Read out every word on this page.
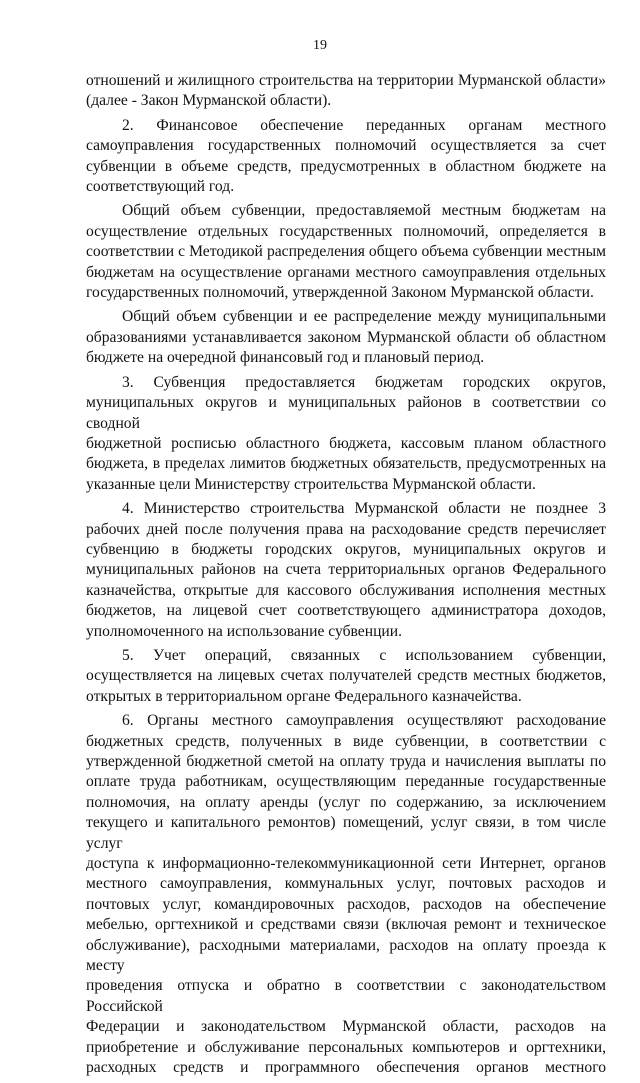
19
отношений и жилищного строительства на территории Мурманской области»
(далее - Закон Мурманской области).
2. Финансовое обеспечение переданных органам местного
самоуправления государственных полномочий осуществляется за счет
субвенции в объеме средств, предусмотренных в областном бюджете на
соответствующий год.
Общий объем субвенции, предоставляемой местным бюджетам на
осуществление отдельных государственных полномочий, определяется в
соответствии с Методикой распределения общего объема субвенции местным
бюджетам на осуществление органами местного самоуправления отдельных
государственных полномочий, утвержденной Законом Мурманской области.
Общий объем субвенции и ее распределение между муниципальными
образованиями устанавливается законом Мурманской области об областном
бюджете на очередной финансовый год и плановый период.
3. Субвенция предоставляется бюджетам городских округов,
муниципальных округов и муниципальных районов в соответствии со сводной
бюджетной росписью областного бюджета, кассовым планом областного
бюджета, в пределах лимитов бюджетных обязательств, предусмотренных на
указанные цели Министерству строительства Мурманской области.
4. Министерство строительства Мурманской области не позднее 3
рабочих дней после получения права на расходование средств перечисляет
субвенцию в бюджеты городских округов, муниципальных округов и
муниципальных районов на счета территориальных органов Федерального
казначейства, открытые для кассового обслуживания исполнения местных
бюджетов, на лицевой счет соответствующего администратора доходов,
уполномоченного на использование субвенции.
5. Учет операций, связанных с использованием субвенции,
осуществляется на лицевых счетах получателей средств местных бюджетов,
открытых в территориальном органе Федерального казначейства.
6. Органы местного самоуправления осуществляют расходование
бюджетных средств, полученных в виде субвенции, в соответствии с
утвержденной бюджетной сметой на оплату труда и начисления выплаты по
оплате труда работникам, осуществляющим переданные государственные
полномочия, на оплату аренды (услуг по содержанию, за исключением
текущего и капитального ремонтов) помещений, услуг связи, в том числе услуг
доступа к информационно-телекоммуникационной сети Интернет, органов
местного самоуправления, коммунальных услуг, почтовых расходов и
почтовых услуг, командировочных расходов, расходов на обеспечение
мебелью, оргтехникой и средствами связи (включая ремонт и техническое
обслуживание), расходными материалами, расходов на оплату проезда к месту
проведения отпуска и обратно в соответствии с законодательством Российской
Федерации и законодательством Мурманской области, расходов на
приобретение и обслуживание персональных компьютеров и оргтехники,
расходных средств и программного обеспечения органов местного
